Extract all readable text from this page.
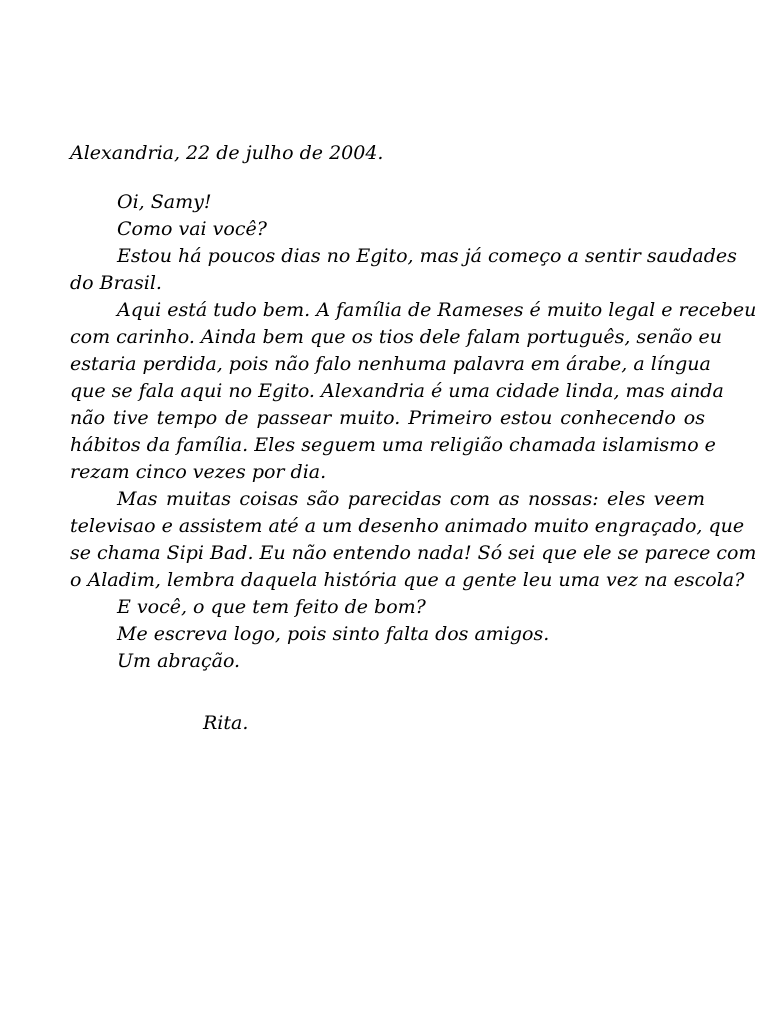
Alexandria, 22 de julho de 2004.
Oi, Samy!
Como vai você?
Estou há poucos dias no Egito, mas já começo a sentir saudades
do Brasil.
Aqui está tudo bem. A família de Rameses é muito legal e recebeu
com carinho. Ainda bem que os tios dele falam português, senão eu
estaria perdida, pois não falo nenhuma palavra em árabe, a língua
que se fala aqui no Egito. Alexandria é uma cidade linda, mas ainda
não tive tempo de passear muito. Primeiro estou conhecendo os
hábitos da família. Eles seguem uma religião chamada islamismo e
rezam cinco vezes por dia.
Mas muitas coisas são parecidas com as nossas: eles veem
televisao e assistem até a um desenho animado muito engraçado, que
se chama Sipi Bad. Eu não entendo nada! Só sei que ele se parece com
o Aladim, lembra daquela história que a gente leu uma vez na escola?
E você, o que tem feito de bom?
Me escreva logo, pois sinto falta dos amigos.
Um abração.
Rita.
